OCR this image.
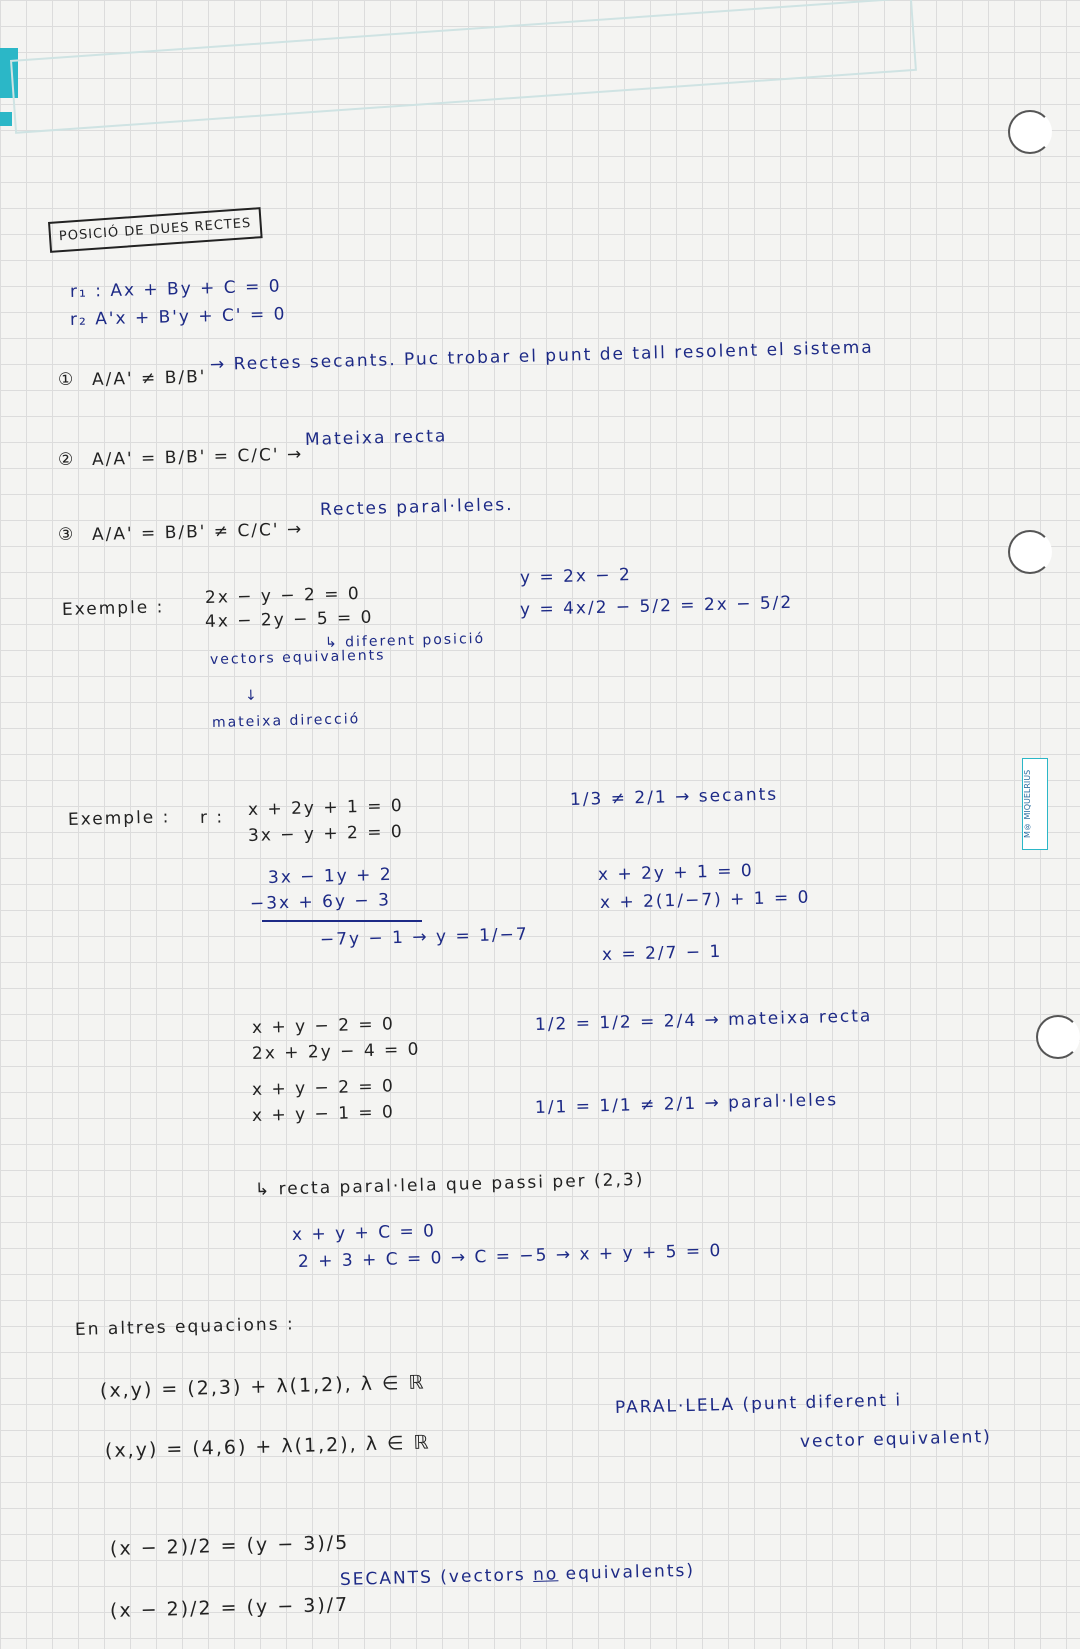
M® MIQUELRIUS
POSICIÓ DE DUES RECTES
r₁ : Ax + By + C = 0
r₂ A'x + B'y + C' = 0
① A/A' ≠ B/B'
→ Rectes secants. Puc trobar el punt de tall resolent el sistema
② A/A' = B/B' = C/C' →
Mateixa recta
③ A/A' = B/B' ≠ C/C' →
Rectes paral·leles.
Exemple :
2x − y − 2 = 0
4x − 2y − 5 = 0
vectors equivalents
↓
mateixa direcció
↳ diferent posició
y = 2x − 2
y = 4x/2 − 5/2 = 2x − 5/2
Exemple : r : x + 2y + 1 = 0
3x − y + 2 = 0
1/3 ≠ 2/1 → secants
3x − 1y + 2
−3x + 6y − 3
−7y − 1 → y = 1/−7
x + 2y + 1 = 0
x + 2(1/−7) + 1 = 0
x = 2/7 − 1
x + y − 2 = 0
2x + 2y − 4 = 0
1/2 = 1/2 = 2/4 → mateixa recta
x + y − 2 = 0
x + y − 1 = 0	1/1 = 1/1 ≠ 2/1 → paral·leles
↳ recta paral·lela que passi per (2,3)
x + y + C = 0
2 + 3 + C = 0 → C = −5 → x + y + 5 = 0
En altres equacions :
(x,y) = (2,3) + λ(1,2), λ ∈ ℝ
(x,y) = (4,6) + λ(1,2), λ ∈ ℝ
PARAL·LELA (punt diferent i
vector equivalent)
(x − 2)/2 = (y − 3)/5
(x − 2)/2 = (y − 3)/7
SECANTS (vectors no equivalents)
